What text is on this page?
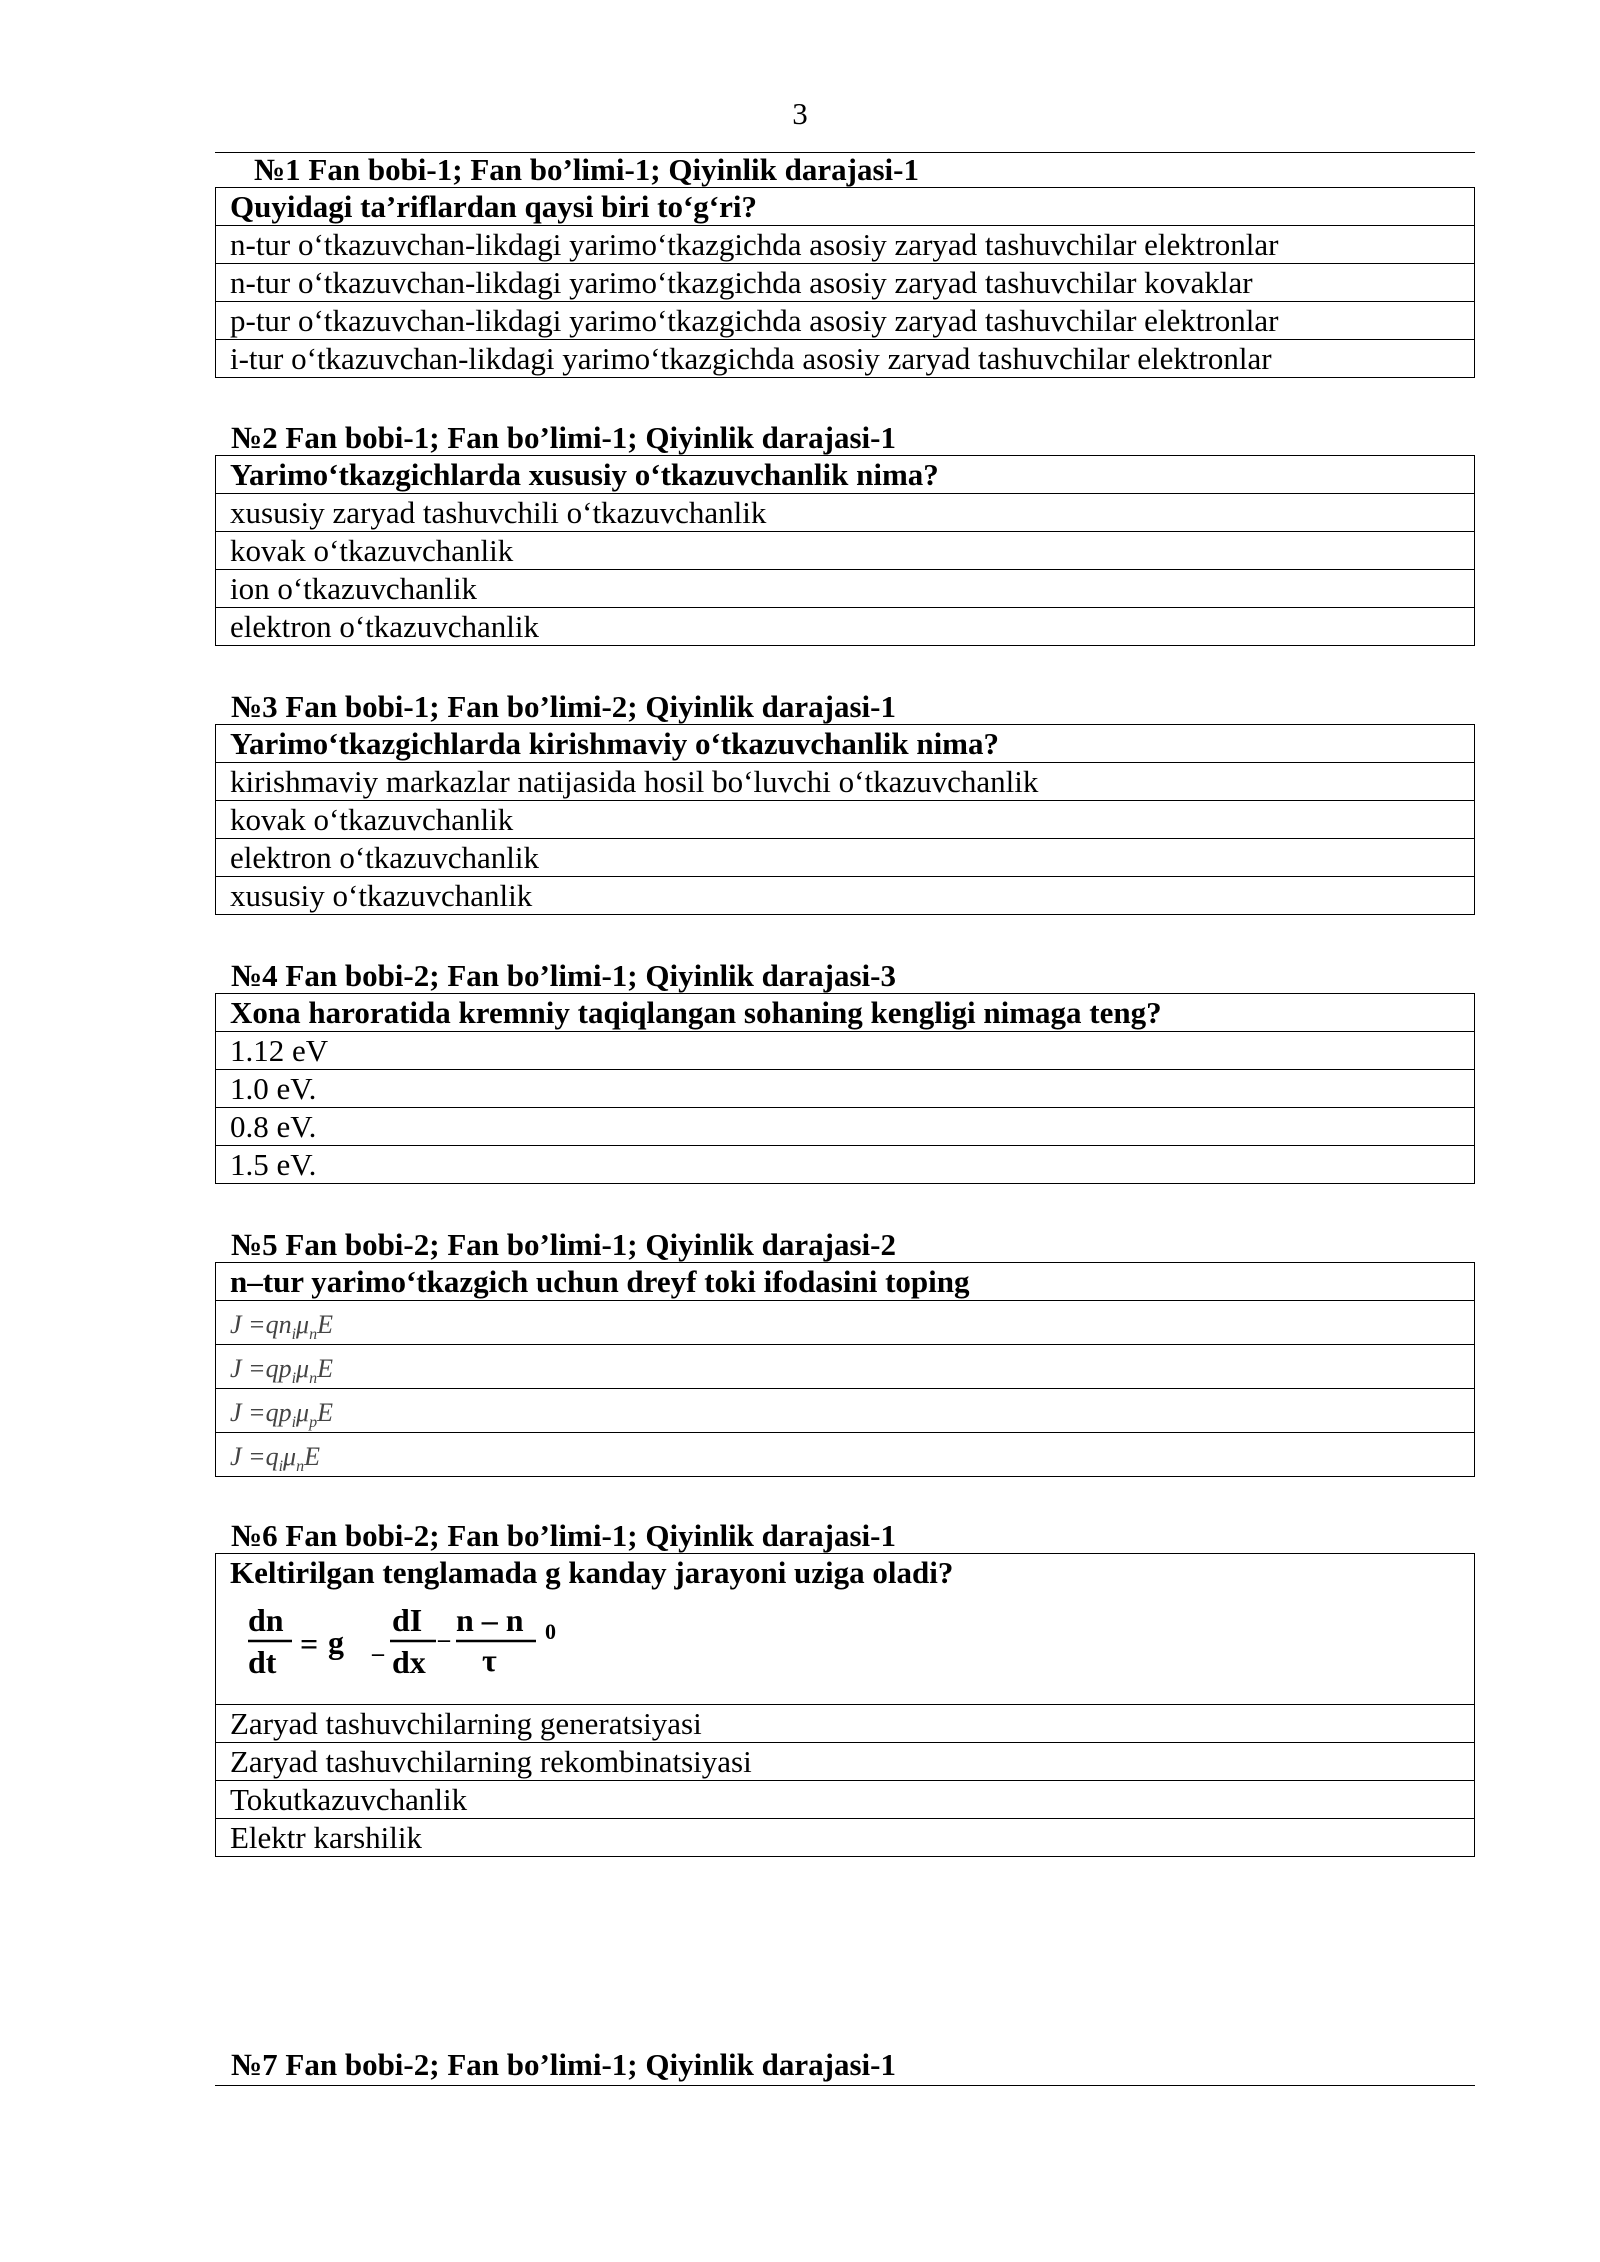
3
№1 Fan bobi-1; Fan bo’limi-1; Qiyinlik darajasi-1
Quyidagi ta’riflardan qaysi biri to‘g‘ri?
n-tur o‘tkazuvchan-likdagi yarimo‘tkazgichda asosiy zaryad tashuvchilar elektronlar
n-tur o‘tkazuvchan-likdagi yarimo‘tkazgichda asosiy zaryad tashuvchilar kovaklar
p-tur o‘tkazuvchan-likdagi yarimo‘tkazgichda asosiy zaryad tashuvchilar elektronlar
i-tur o‘tkazuvchan-likdagi yarimo‘tkazgichda asosiy zaryad tashuvchilar elektronlar
№2 Fan bobi-1; Fan bo’limi-1; Qiyinlik darajasi-1
Yarimo‘tkazgichlarda xususiy o‘tkazuvchanlik nima?
xususiy zaryad tashuvchili o‘tkazuvchanlik
kovak o‘tkazuvchanlik
ion o‘tkazuvchanlik
elektron o‘tkazuvchanlik
№3 Fan bobi-1; Fan bo’limi-2; Qiyinlik darajasi-1
Yarimo‘tkazgichlarda kirishmaviy o‘tkazuvchanlik nima?
kirishmaviy markazlar natijasida hosil bo‘luvchi o‘tkazuvchanlik
kovak o‘tkazuvchanlik
elektron o‘tkazuvchanlik
xususiy o‘tkazuvchanlik
№4 Fan bobi-2; Fan bo’limi-1; Qiyinlik darajasi-3
Xona haroratida kremniy taqiqlangan sohaning kengligi nimaga teng?
1.12 eV
1.0 eV.
0.8 eV.
1.5 eV.
№5 Fan bobi-2; Fan bo’limi-1; Qiyinlik darajasi-2
n–tur yarimo‘tkazgich uchun dreyf toki ifodasini toping
$J =qn_i\mu_nE$
$J =qp_i\mu_nE$
$J =qp_i\mu_pE$
$J =q_i\mu_nE$
№6 Fan bobi-2; Fan bo’limi-1; Qiyinlik darajasi-1
Keltirilgan tenglamada g kanday jarayoni uziga oladi?
dn
dt = g –
dI
dx
–
n – n 0
τ
Zaryad tashuvchilarning generatsiyasi
Zaryad tashuvchilarning rekombinatsiyasi
Tokutkazuvchanlik
Elektr karshilik
№7 Fan bobi-2; Fan bo’limi-1; Qiyinlik darajasi-1
